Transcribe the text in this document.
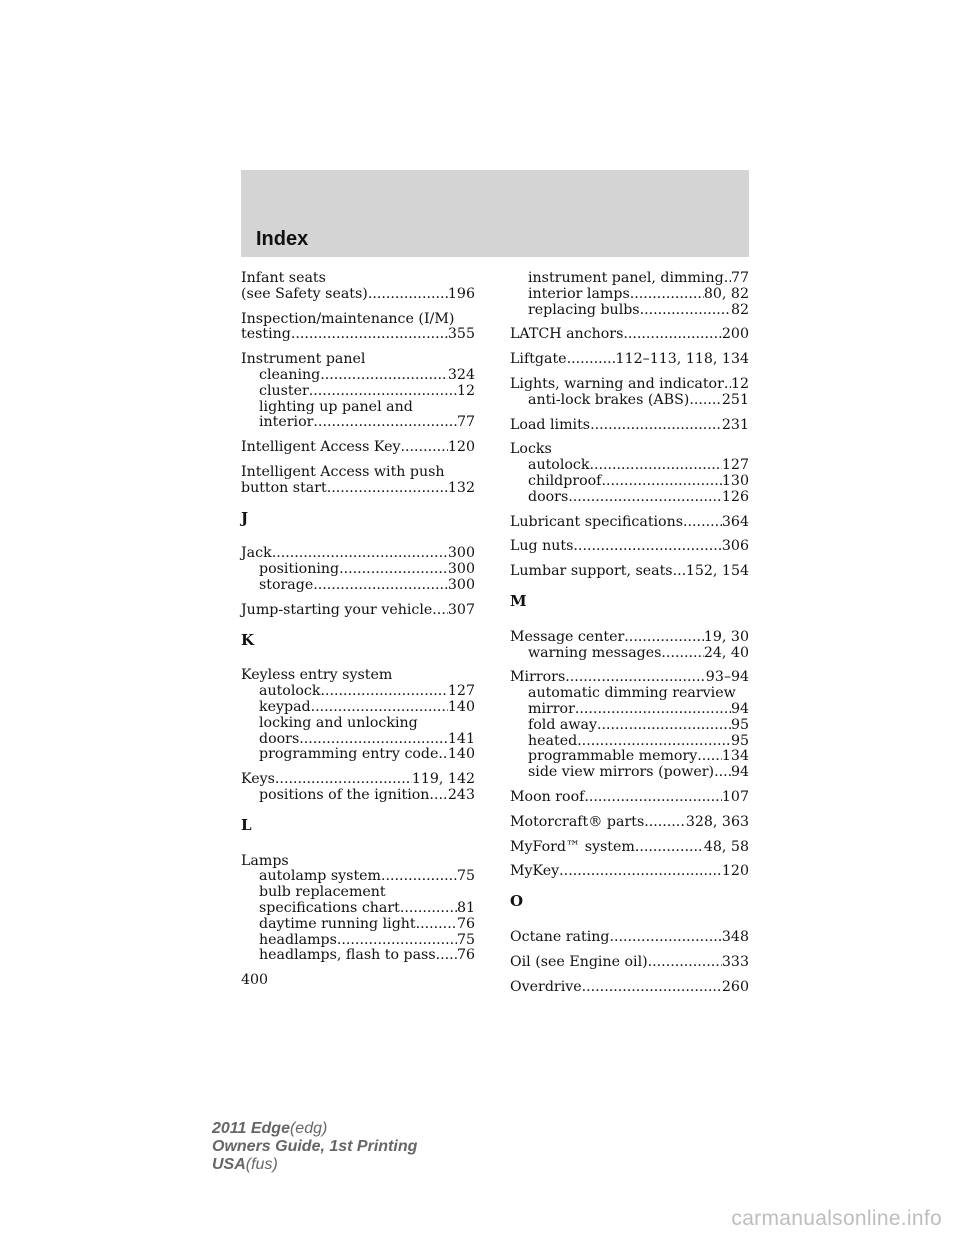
Index
Infant seats
(see Safety seats) .....	196
Inspection/maintenance (I/M)
testing .....	355
Instrument panel
cleaning .....	324
cluster .....	12
lighting up panel and
interior .....	77
Intelligent Access Key .....	120
Intelligent Access with push
button start .....	132
J
Jack .....	300
positioning .....	300
storage .....	300
Jump-starting your vehicle ..... 307
K
Keyless entry system
autolock .....	127
keypad .....	140
locking and unlocking
doors .....	141
programming entry code ..... 140
Keys .....	119, 142
positions of the ignition ..... 243
L
Lamps
autolamp system .....	75
bulb replacement
specifications chart .....	81
daytime running light .....	76
headlamps .....	75
headlamps, flash to pass ..... 76
instrument panel, dimming ..... 77
interior lamps .....	80, 82
replacing bulbs .....	82
LATCH anchors .....	200
Liftgate .....	112–113, 118, 134
Lights, warning and indicator ..... 12
anti-lock brakes (ABS) ..... 251
Load limits .....	231
Locks
autolock .....	127
childproof .....	130
doors .....	126
Lubricant specifications .....	364
Lug nuts .....	306
Lumbar support, seats ..... 152, 154
M
Message center .....	19, 30
warning messages .....	24, 40
Mirrors .....	93–94
automatic dimming rearview
mirror .....	94
fold away .....	95
heated .....	95
programmable memory ..... 134
side view mirrors (power) ..... 94
Moon roof .....	107
Motorcraft® parts .....	328, 363
MyFord™ system .....	48, 58
MyKey .....	120
O
Octane rating .....	348
Oil (see Engine oil) .....	333
Overdrive .....	260
400
2011 Edge(edg)
Owners Guide, 1st Printing
USA(fus)
carmanualsonline.info
